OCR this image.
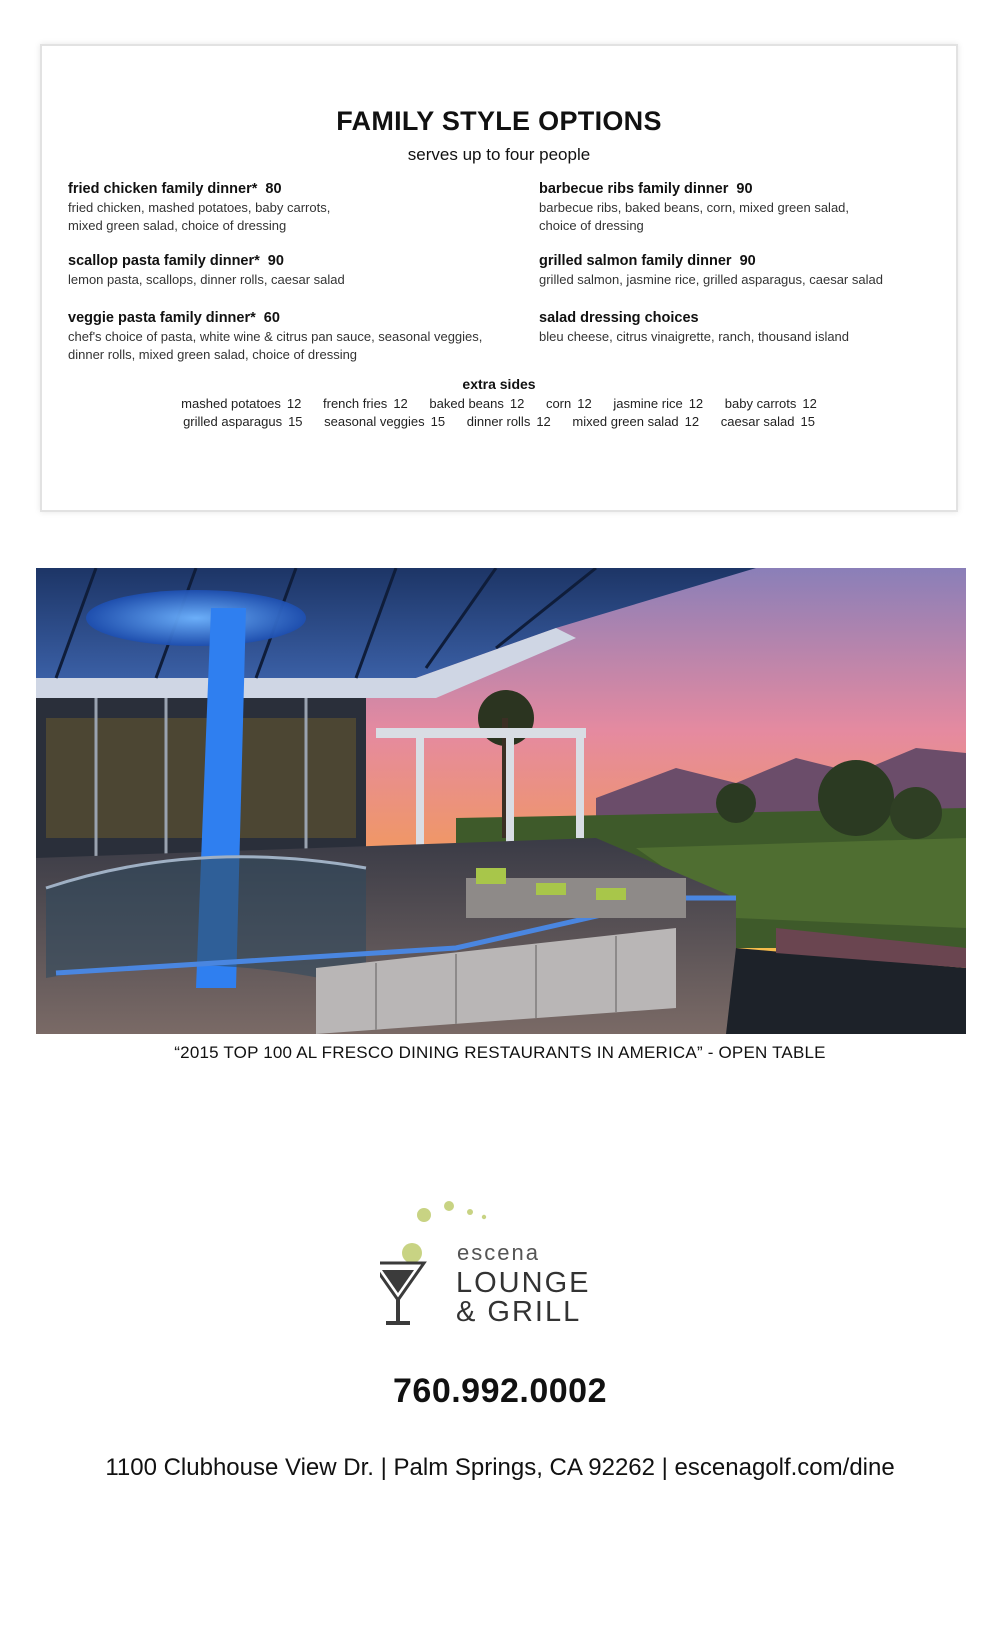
FAMILY STYLE OPTIONS
serves up to four people
fried chicken family dinner* 80
fried chicken, mashed potatoes, baby carrots,
mixed green salad, choice of dressing
barbecue ribs family dinner 90
barbecue ribs, baked beans, corn, mixed green salad,
choice of dressing
scallop pasta family dinner* 90
lemon pasta, scallops, dinner rolls, caesar salad
grilled salmon family dinner 90
grilled salmon, jasmine rice, grilled asparagus, caesar salad
veggie pasta family dinner* 60
chef's choice of pasta, white wine & citrus pan sauce, seasonal veggies,
dinner rolls, mixed green salad, choice of dressing
salad dressing choices
bleu cheese, citrus vinaigrette, ranch, thousand island
extra sides
mashed potatoes 12 french fries 12 baked beans 12 corn 12 jasmine rice 12 baby carrots 12
grilled asparagus 15 seasonal veggies 15 dinner rolls 12 mixed green salad 12 caesar salad 15
“2015 TOP 100 AL FRESCO DINING RESTAURANTS IN AMERICA” - OPEN TABLE
escena
LOUNGE
& GRILL
760.992.0002
1100 Clubhouse View Dr. | Palm Springs, CA 92262 | escenagolf.com/dine
